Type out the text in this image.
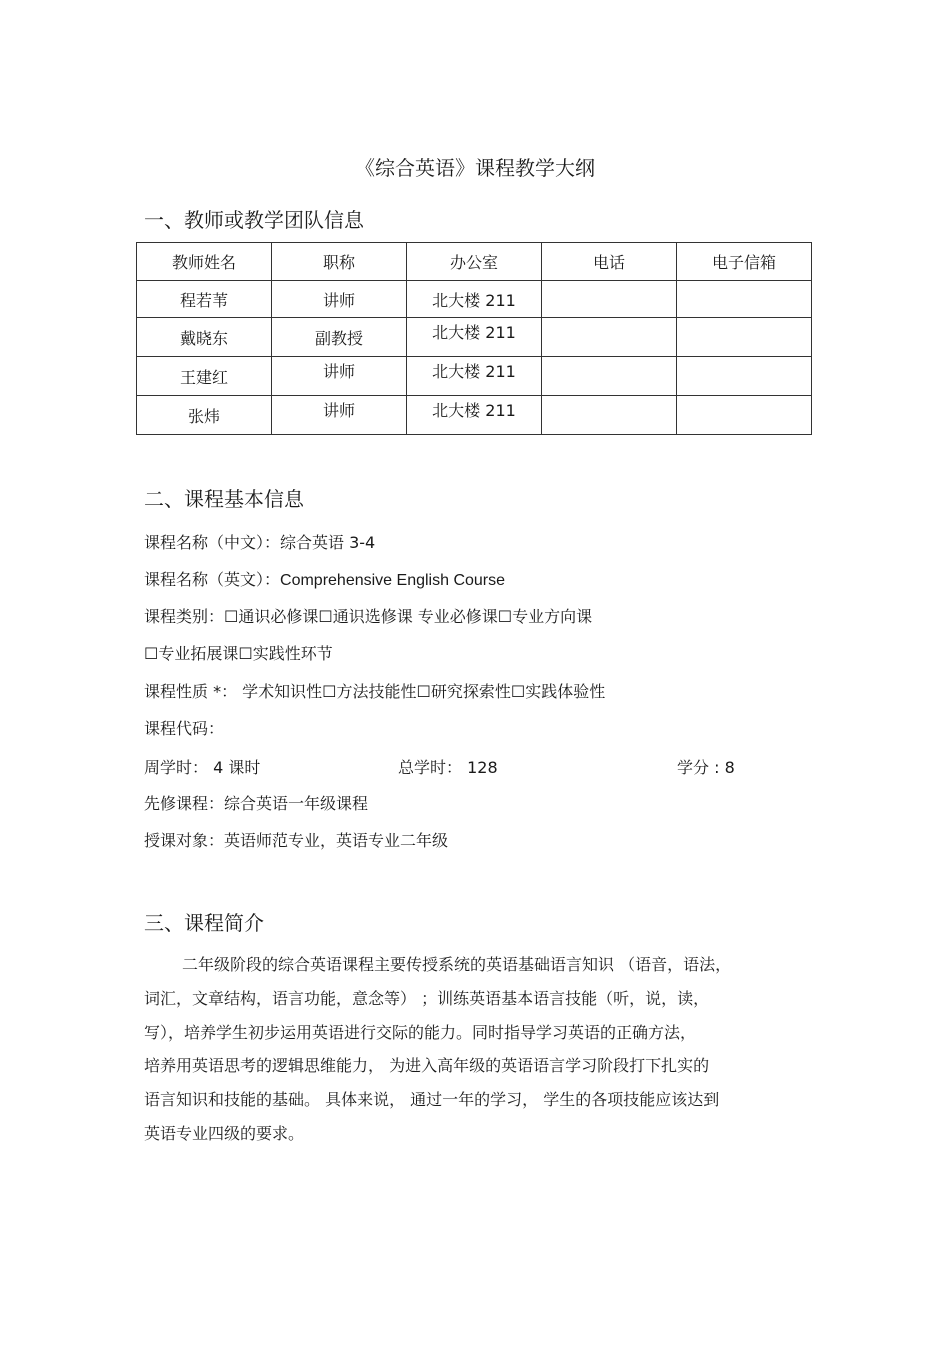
《综合英语》课程教学大纲
一、教师或教学团队信息
教师姓名	职称	办公室	电话	电子信箱
程若苇	讲师	北大楼 211		
戴晓东	副教授	北大楼 211		
王建红	讲师	北大楼 211		
张炜	讲师	北大楼 211		
二、课程基本信息
课程名称（中文）：综合英语 3-4
课程名称（英文）：Comprehensive English Course
课程类别：☐通识必修课☐通识选修课 专业必修课☐专业方向课
☐专业拓展课☐实践性环节
课程性质 *： 学术知识性☐方法技能性☐研究探索性☐实践体验性
课程代码：
周学时： 4 课时	总学时： 128	学分 : 8
先修课程：综合英语一年级课程
授课对象：英语师范专业，英语专业二年级
三、课程简介
二年级阶段的综合英语课程主要传授系统的英语基础语言知识 （语音，语法，
词汇，文章结构，语言功能，意念等） ；训练英语基本语言技能（听，说，读，
写），培养学生初步运用英语进行交际的能力。同时指导学习英语的正确方法，
培养用英语思考的逻辑思维能力， 为进入高年级的英语语言学习阶段打下扎实的
语言知识和技能的基础。 具体来说， 通过一年的学习， 学生的各项技能应该达到
英语专业四级的要求。
